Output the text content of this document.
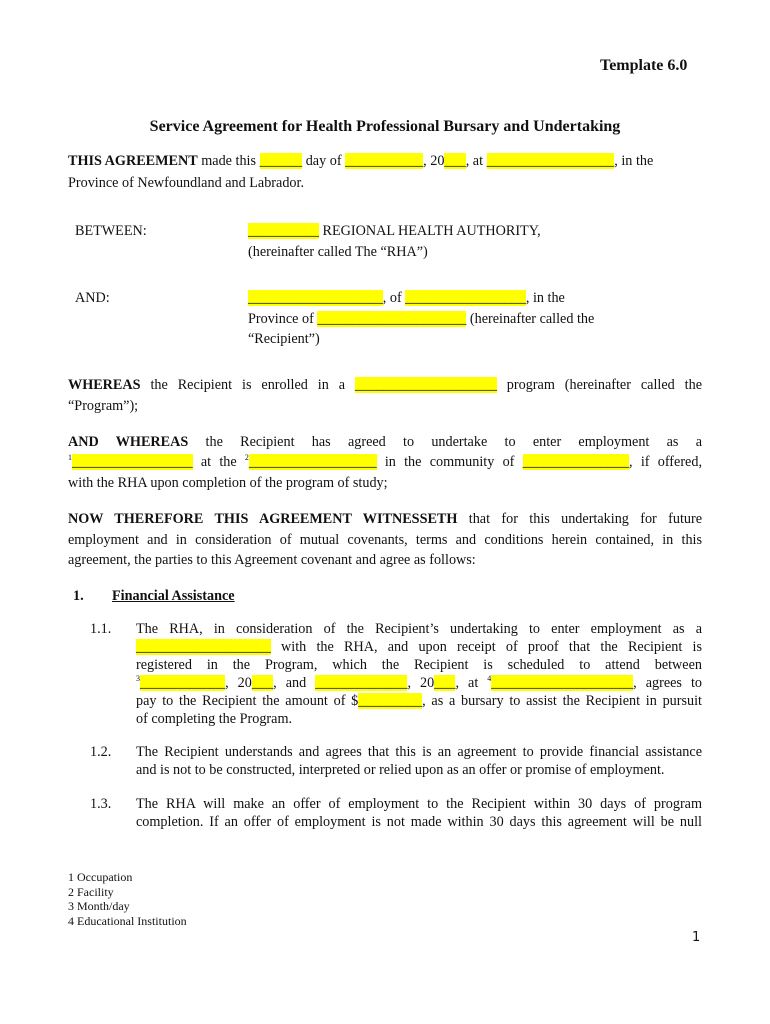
Template 6.0
Service Agreement for Health Professional Bursary and Undertaking
THIS AGREEMENT made this ______ day of ___________, 20___, at __________________, in the
Province of Newfoundland and Labrador.
BETWEEN:	__________ REGIONAL HEALTH AUTHORITY,
(hereinafter called The “RHA”)
AND:	___________________, of _________________, in the
Province of _____________________ (hereinafter called the
“Recipient”)
WHEREAS the Recipient is enrolled in a ____________________ program (hereinafter called the
“Program”);
AND WHEREAS the Recipient has agreed to undertake to enter employment as a
$^1$_________________ at the $^2$__________________ in the community of _______________, if offered,
with the RHA upon completion of the program of study;
NOW THEREFORE THIS AGREEMENT WITNESSETH that for this undertaking for future
employment and in consideration of mutual covenants, terms and conditions herein contained, in this
agreement, the parties to this Agreement covenant and agree as follows:
1. Financial Assistance
1.1. The RHA, in consideration of the Recipient’s undertaking to enter employment as a
___________________ with the RHA, and upon receipt of proof that the Recipient is
registered in the Program, which the Recipient is scheduled to attend between
$^3$____________, 20___, and _____________, 20___, at $^4$____________________, agrees to
pay to the Recipient the amount of $_________, as a bursary to assist the Recipient in pursuit
of completing the Program.
1.2. The Recipient understands and agrees that this is an agreement to provide financial assistance
and is not to be constructed, interpreted or relied upon as an offer or promise of employment.
1.3. The RHA will make an offer of employment to the Recipient within 30 days of program
completion. If an offer of employment is not made within 30 days this agreement will be null
1 Occupation
2 Facility
3 Month/day
4 Educational Institution
1
